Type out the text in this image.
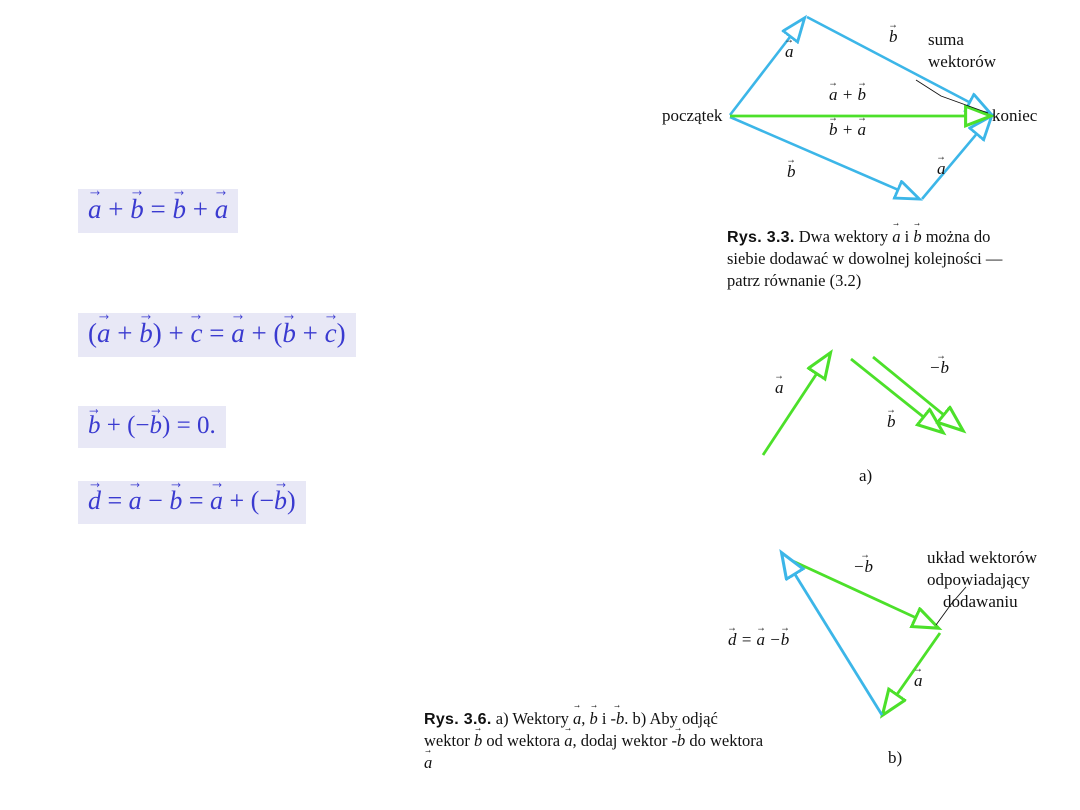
a → + b → = b → + a →
(a → + b →) + c → = a → + (b → + c →)
b → + (−b →) = 0.
d → = a → − b → = a → + (−b →)
początek	koniec
suma
wektorów
a →
b →
b →	a →
a → + b →
b → + a →
Rys. 3.3. Dwa wektory a → i b → można do siebie dodawać w dowolnej kolejności — patrz równanie (3.2)
a →
−b →
b →
a)
układ wektorów
odpowiadający
dodawaniu
−b →
a →
d → = a → −b →
b)
Rys. 3.6. a) Wektory a →, b → i -b →. b) Aby odjąć wektor b → od wektora a →, dodaj wektor -b → do wektora a →
